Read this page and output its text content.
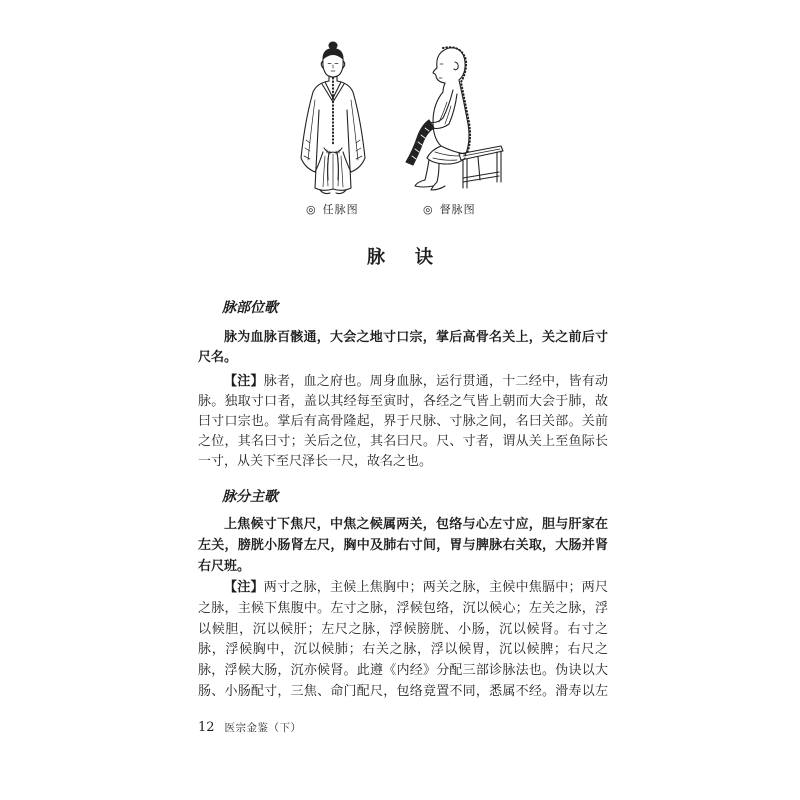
◎ 任脉图	◎ 督脉图
脉　诀
脉部位歌
脉为血脉百骸通，大会之地寸口宗，掌后高骨名关上，关之前后寸
尺名。
【注】脉者，血之府也。周身血脉，运行贯通，十二经中，皆有动
脉。独取寸口者，盖以其经每至寅时，各经之气皆上朝而大会于肺，故
曰寸口宗也。掌后有高骨隆起，界于尺脉、寸脉之间，名曰关部。关前
之位，其名曰寸；关后之位，其名曰尺。尺、寸者，谓从关上至鱼际长
一寸，从关下至尺泽长一尺，故名之也。
脉分主歌
上焦候寸下焦尺，中焦之候属两关，包络与心左寸应，胆与肝家在
左关，膀胱小肠肾左尺，胸中及肺右寸间，胃与脾脉右关取，大肠并肾
右尺班。
【注】两寸之脉，主候上焦胸中；两关之脉，主候中焦膈中；两尺
之脉，主候下焦腹中。左寸之脉，浮候包络，沉以候心；左关之脉，浮
以候胆，沉以候肝；左尺之脉，浮候膀胱、小肠，沉以候肾。右寸之
脉，浮候胸中，沉以候肺；右关之脉，浮以候胃，沉以候脾；右尺之
脉，浮候大肠，沉亦候肾。此遵《内经》分配三部诊脉法也。伪诀以大
肠、小肠配寸，三焦、命门配尺，包络竟置不同，悉属不经。滑寿以左
12 医宗金鉴（下）
